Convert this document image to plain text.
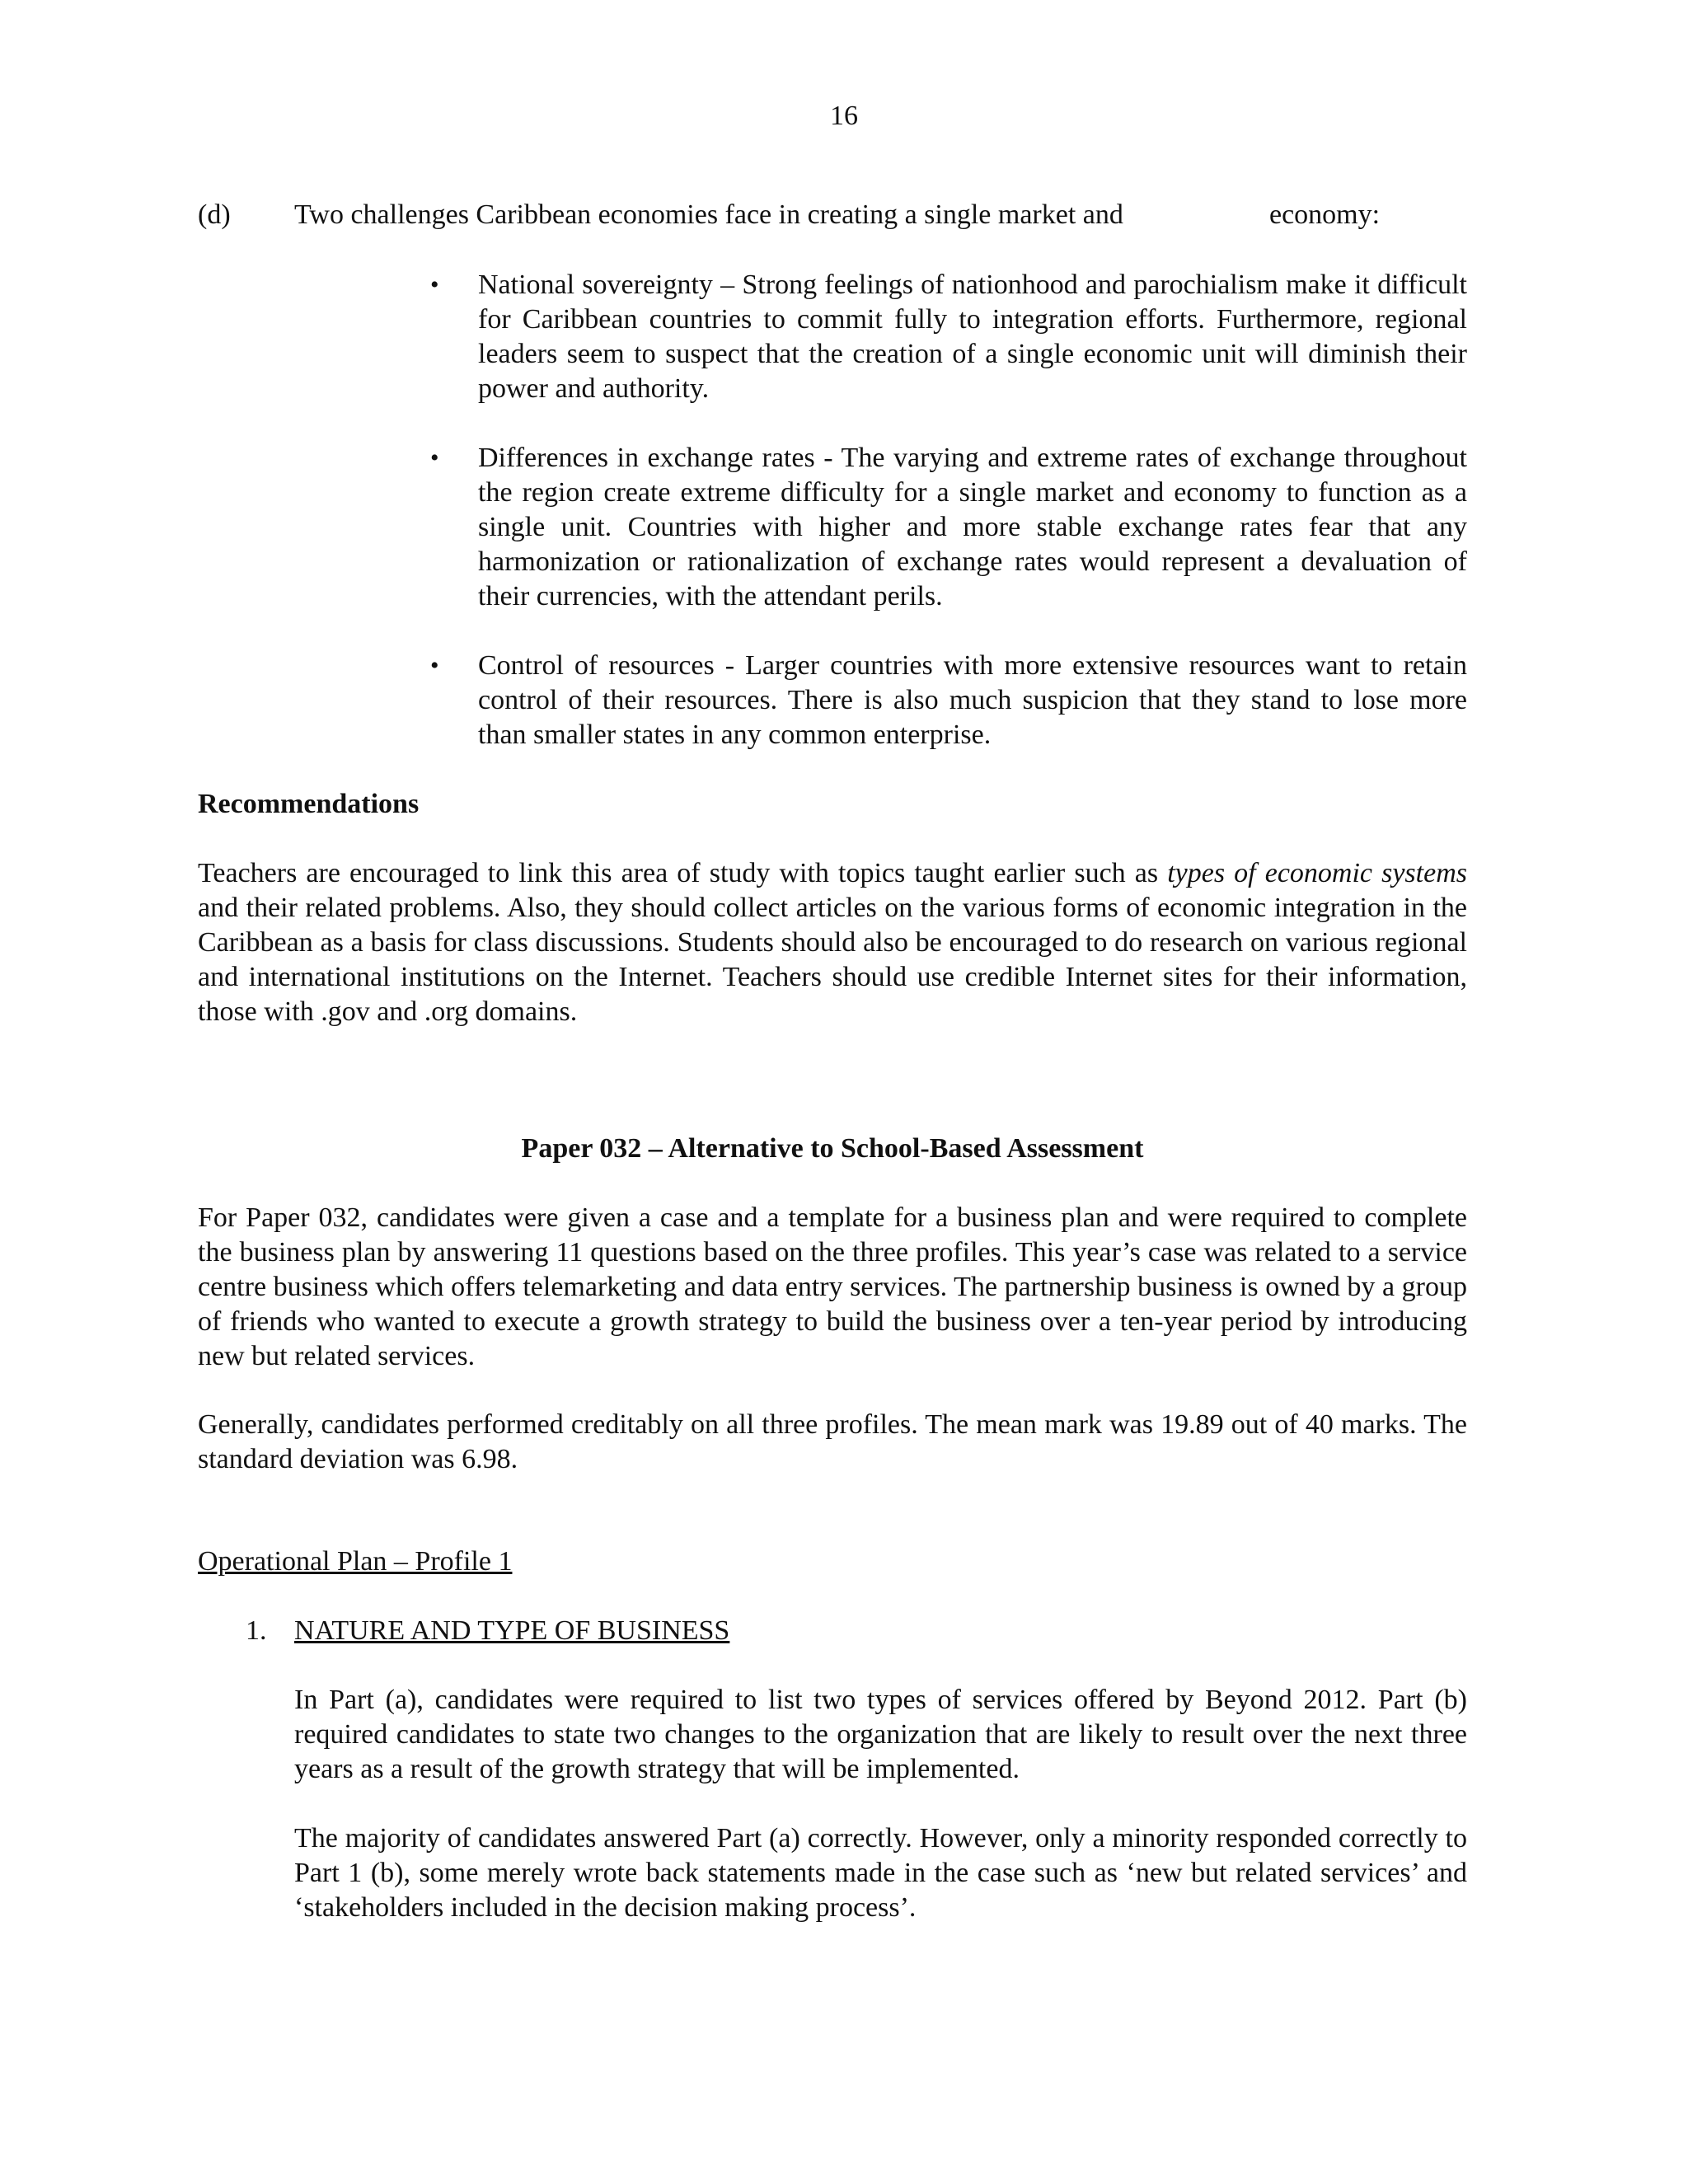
16
(d) Two challenges Caribbean economies face in creating a single market and	economy:
• National sovereignty – Strong feelings of nationhood and parochialism make it difficult for Caribbean countries to commit fully to integration efforts. Furthermore, regional leaders seem to suspect that the creation of a single economic unit will diminish their power and authority.
• Differences in exchange rates - The varying and extreme rates of exchange throughout the region create extreme difficulty for a single market and economy to function as a single unit. Countries with higher and more stable exchange rates fear that any harmonization or rationalization of exchange rates would represent a devaluation of their currencies, with the attendant perils.
• Control of resources - Larger countries with more extensive resources want to retain control of their resources. There is also much suspicion that they stand to lose more than smaller states in any common enterprise.

Recommendations

Teachers are encouraged to link this area of study with topics taught earlier such as types of economic systems and their related problems. Also, they should collect articles on the various forms of economic integration in the Caribbean as a basis for class discussions. Students should also be encouraged to do research on various regional and international institutions on the Internet. Teachers should use credible Internet sites for their information, those with .gov and .org domains.

Paper 032 – Alternative to School-Based Assessment

For Paper 032, candidates were given a case and a template for a business plan and were required to complete the business plan by answering 11 questions based on the three profiles. This year’s case was related to a service centre business which offers telemarketing and data entry services. The partnership business is owned by a group of friends who wanted to execute a growth strategy to build the business over a ten-year period by introducing new but related services.

Generally, candidates performed creditably on all three profiles. The mean mark was 19.89 out of 40 marks. The standard deviation was 6.98.

Operational Plan – Profile 1

1. NATURE AND TYPE OF BUSINESS

In Part (a), candidates were required to list two types of services offered by Beyond 2012. Part (b) required candidates to state two changes to the organization that are likely to result over the next three years as a result of the growth strategy that will be implemented.

The majority of candidates answered Part (a) correctly. However, only a minority responded correctly to Part 1 (b), some merely wrote back statements made in the case such as ‘new but related services’ and ‘stakeholders included in the decision making process’.
